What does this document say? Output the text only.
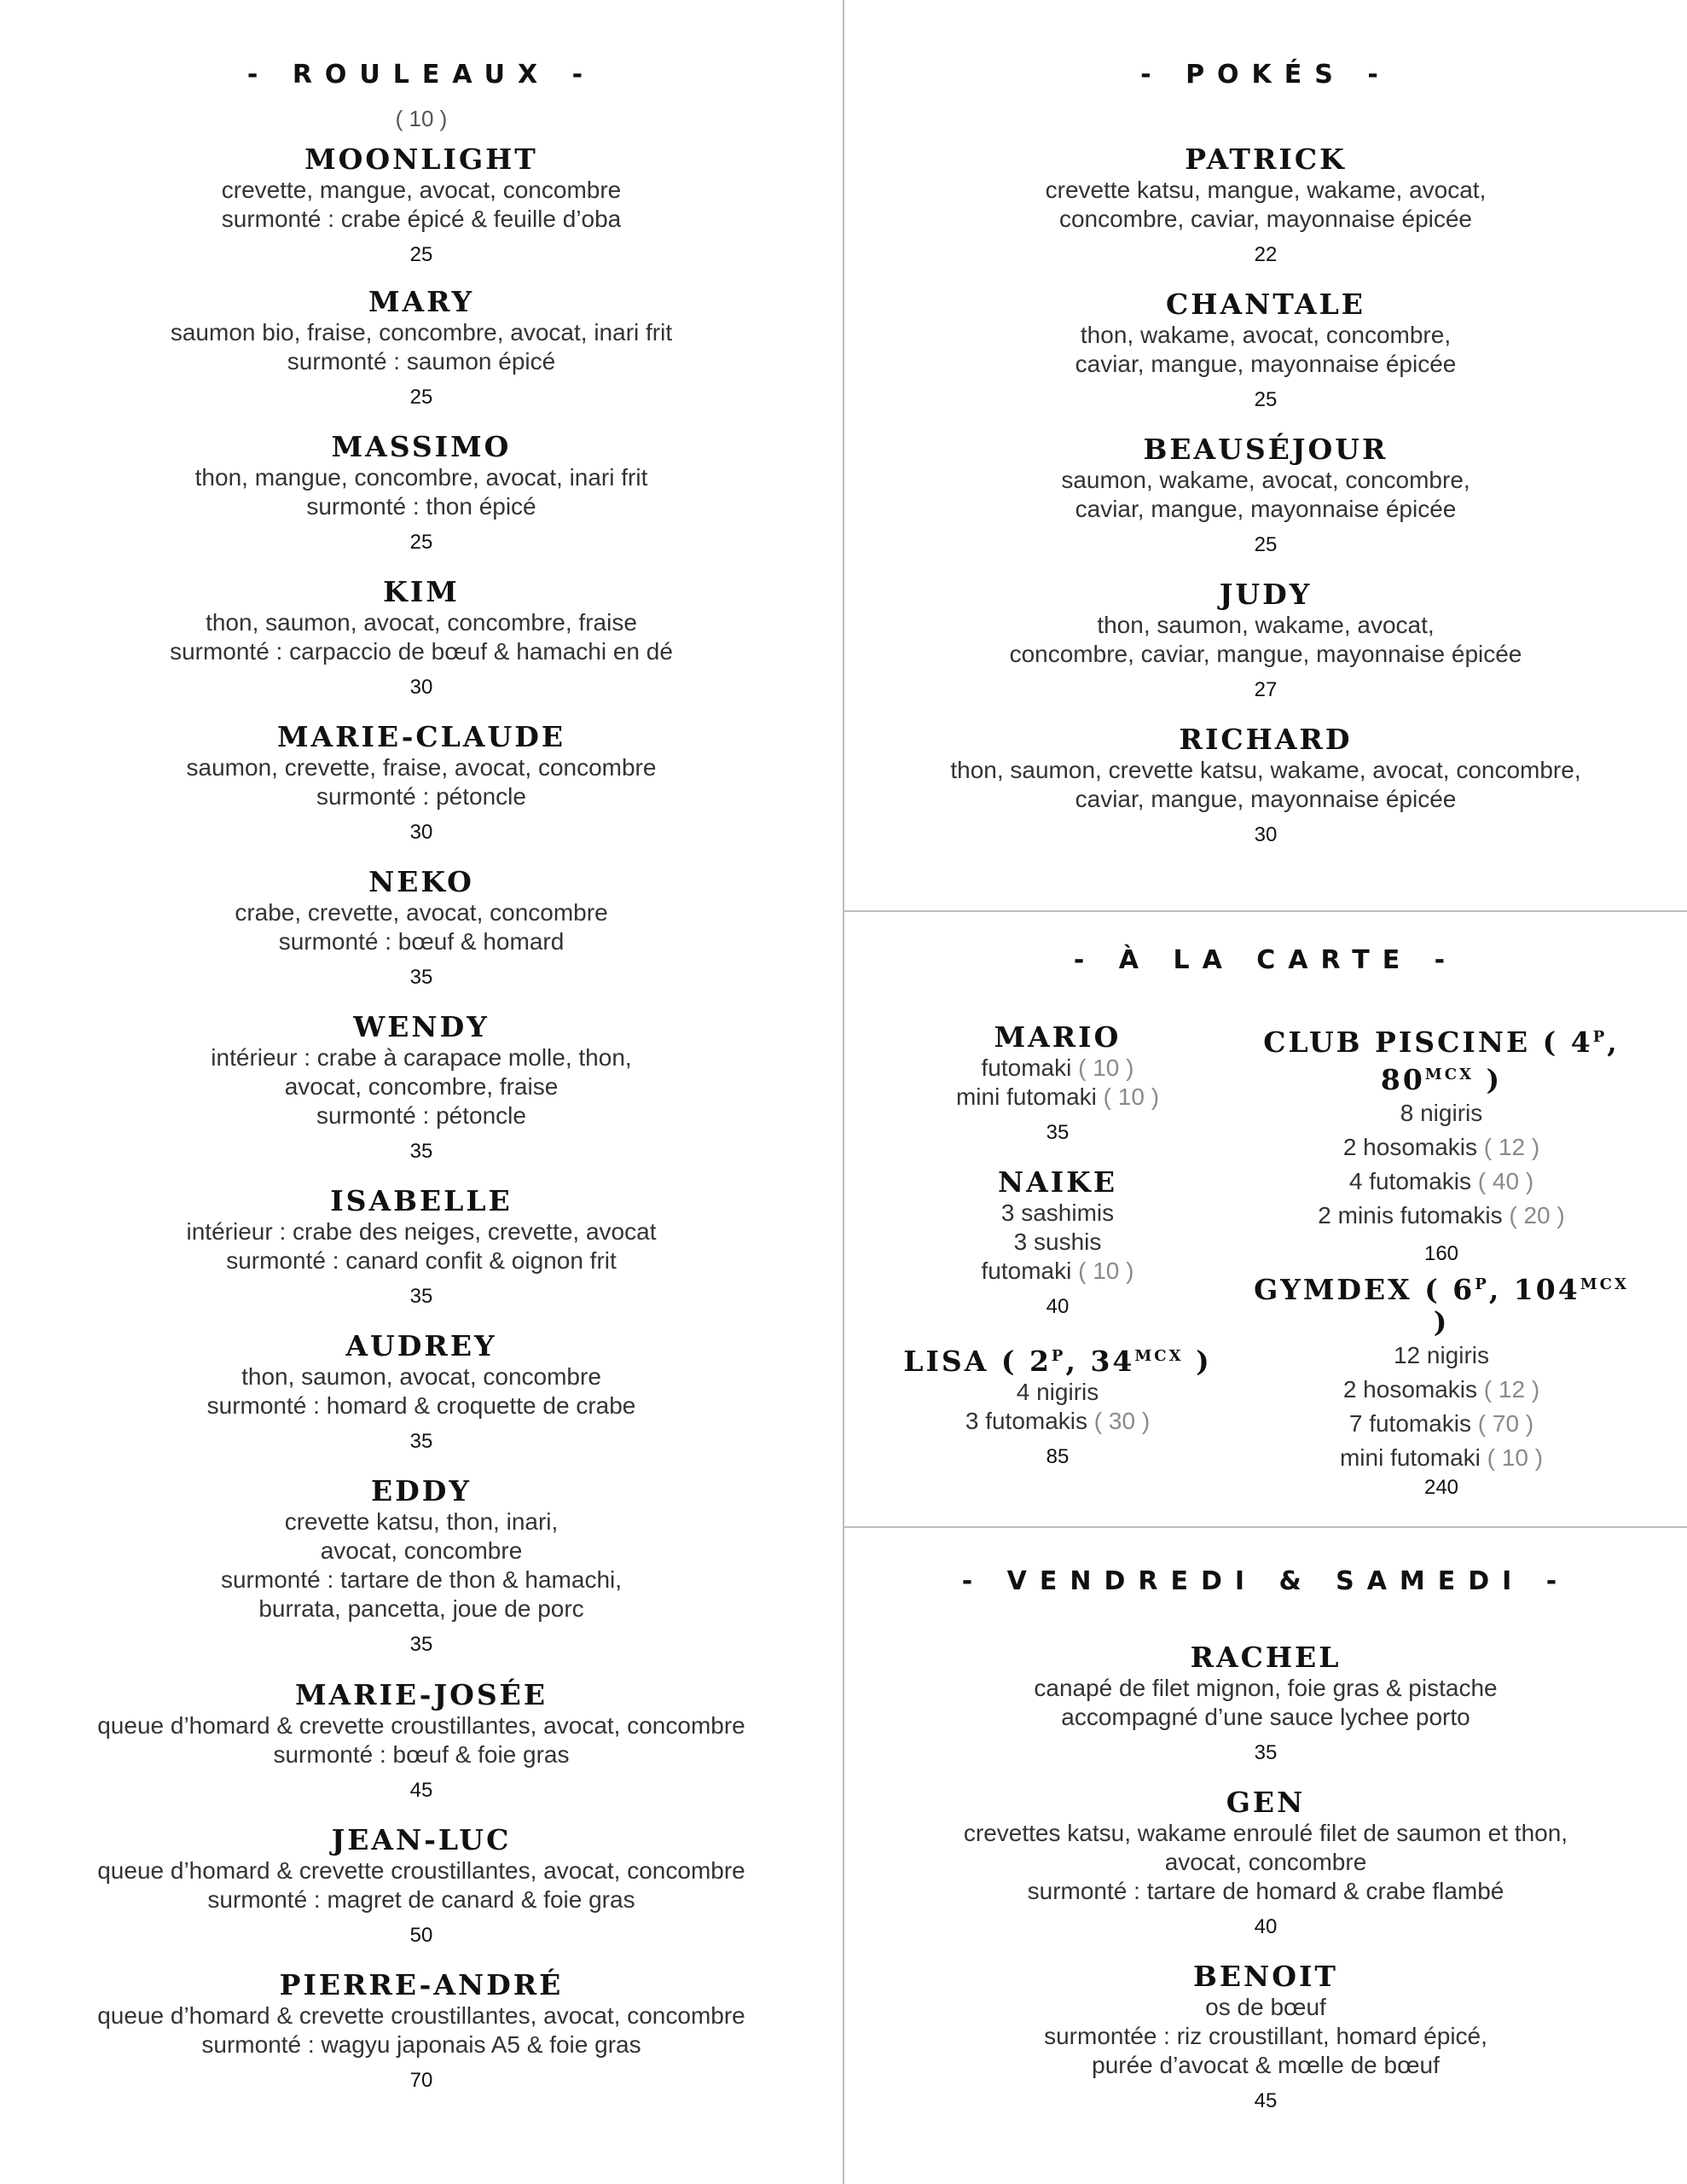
- ROULEAUX -
( 10 )
MOONLIGHT
crevette, mangue, avocat, concombre
surmonté : crabe épicé & feuille d’oba
25
MARY
saumon bio, fraise, concombre, avocat, inari frit
surmonté : saumon épicé
25
MASSIMO
thon, mangue, concombre, avocat, inari frit
surmonté : thon épicé
25
KIM
thon, saumon, avocat, concombre, fraise
surmonté : carpaccio de bœuf & hamachi en dé
30
MARIE-CLAUDE
saumon, crevette, fraise, avocat, concombre
surmonté : pétoncle
30
NEKO
crabe, crevette, avocat, concombre
surmonté : bœuf & homard
35
WENDY
intérieur : crabe à carapace molle, thon,
avocat, concombre, fraise
surmonté : pétoncle
35
ISABELLE
intérieur : crabe des neiges, crevette, avocat
surmonté : canard confit & oignon frit
35
AUDREY
thon, saumon, avocat, concombre
surmonté : homard & croquette de crabe
35
EDDY
crevette katsu, thon, inari,
avocat, concombre
surmonté : tartare de thon & hamachi,
burrata, pancetta, joue de porc
35
MARIE-JOSÉE
queue d’homard & crevette croustillantes, avocat, concombre
surmonté : bœuf & foie gras
45
JEAN-LUC
queue d’homard & crevette croustillantes, avocat, concombre
surmonté : magret de canard & foie gras
50
PIERRE-ANDRÉ
queue d’homard & crevette croustillantes, avocat, concombre
surmonté : wagyu japonais A5 & foie gras
70
- POKÉS -
PATRICK
crevette katsu, mangue, wakame, avocat,
concombre, caviar, mayonnaise épicée
22
CHANTALE
thon, wakame, avocat, concombre,
caviar, mangue, mayonnaise épicée
25
BEAUSÉJOUR
saumon, wakame, avocat, concombre,
caviar, mangue, mayonnaise épicée
25
JUDY
thon, saumon, wakame, avocat,
concombre, caviar, mangue, mayonnaise épicée
27
RICHARD
thon, saumon, crevette katsu, wakame, avocat, concombre,
caviar, mangue, mayonnaise épicée
30
- À LA CARTE -
MARIO
futomaki ( 10 )
mini futomaki ( 10 )
35
NAIKE
3 sashimis
3 sushis
futomaki ( 10 )
40
LISA ( $2^P$, $34^{MCX}$ )
4 nigiris
3 futomakis ( 30 )
85
CLUB PISCINE ( $4^P$, $80^{MCX}$ )
8 nigiris
2 hosomakis ( 12 )
4 futomakis ( 40 )
2 minis futomakis ( 20 )
160
GYMDEX ( $6^P$, $104^{MCX}$ )
12 nigiris
2 hosomakis ( 12 )
7 futomakis ( 70 )
mini futomaki ( 10 )
240
- VENDREDI & SAMEDI -
RACHEL
canapé de filet mignon, foie gras & pistache
accompagné d’une sauce lychee porto
35
GEN
crevettes katsu, wakame enroulé filet de saumon et thon,
avocat, concombre
surmonté : tartare de homard & crabe flambé
40
BENOIT
os de bœuf
surmontée : riz croustillant, homard épicé,
purée d’avocat & mœlle de bœuf
45
